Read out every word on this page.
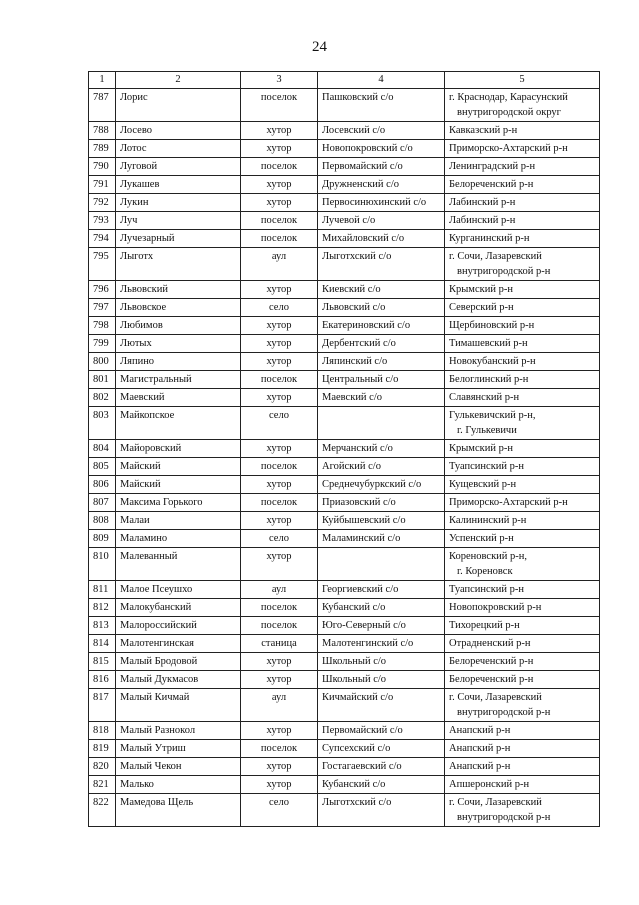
24
1	2	3	4	5
787	Лорис	поселок	Пашковский с/о	г. Краснодар, Карасунский
внутригородской округ

788	Лосево	хутор	Лосевский с/о	Кавказский р-н
789	Лотос	хутор	Новопокровский с/о	Приморско-Ахтарский р-н
790	Луговой	поселок	Первомайский с/о	Ленинградский р-н
791	Лукашев	хутор	Дружненский с/о	Белореченский р-н
792	Лукин	хутор	Первосинюхинский с/о	Лабинский р-н
793	Луч	поселок	Лучевой с/о	Лабинский р-н
794	Лучезарный	поселок	Михайловский с/о	Курганинский р-н
795	Лыготх	аул	Лыготхский с/о	г. Сочи, Лазаревский
внутригородской р-н

796	Львовский	хутор	Киевский с/о	Крымский р-н
797	Львовское	село	Львовский с/о	Северский р-н
798	Любимов	хутор	Екатериновский с/о	Щербиновский р-н
799	Лютых	хутор	Дербентский с/о	Тимашевский р-н
800	Ляпино	хутор	Ляпинский с/о	Новокубанский р-н
801	Магистральный	поселок	Центральный с/о	Белоглинский р-н
802	Маевский	хутор	Маевский с/о	Славянский р-н
803	Майкопское	село		Гулькевичский р-н,
г. Гулькевичи

804	Майоровский	хутор	Мерчанский с/о	Крымский р-н
805	Майский	поселок	Агойский с/о	Туапсинский р-н
806	Майский	хутор	Среднечубуркский с/о	Кущевский р-н
807	Максима Горького	поселок	Приазовский с/о	Приморско-Ахтарский р-н
808	Малаи	хутор	Куйбышевский с/о	Калининский р-н
809	Маламино	село	Маламинский с/о	Успенский р-н
810	Малеванный	хутор		Кореновский р-н,
г. Кореновск

811	Малое Псеушхо	аул	Георгиевский с/о	Туапсинский р-н
812	Малокубанский	поселок	Кубанский с/о	Новопокровский р-н
813	Малороссийский	поселок	Юго-Северный с/о	Тихорецкий р-н
814	Малотенгинская	станица	Малотенгинский с/о	Отрадненский р-н
815	Малый Бродовой	хутор	Школьный с/о	Белореченский р-н
816	Малый Дукмасов	хутор	Школьный с/о	Белореченский р-н
817	Малый Кичмай	аул	Кичмайский с/о	г. Сочи, Лазаревский
внутригородской р-н

818	Малый Разнокол	хутор	Первомайский с/о	Анапский р-н
819	Малый Утриш	поселок	Супсехский с/о	Анапский р-н
820	Малый Чекон	хутор	Гостагаевский с/о	Анапский р-н
821	Малько	хутор	Кубанский с/о	Апшеронский р-н
822	Мамедова Щель	село	Лыготхский с/о	г. Сочи, Лазаревский
внутригородской р-н
